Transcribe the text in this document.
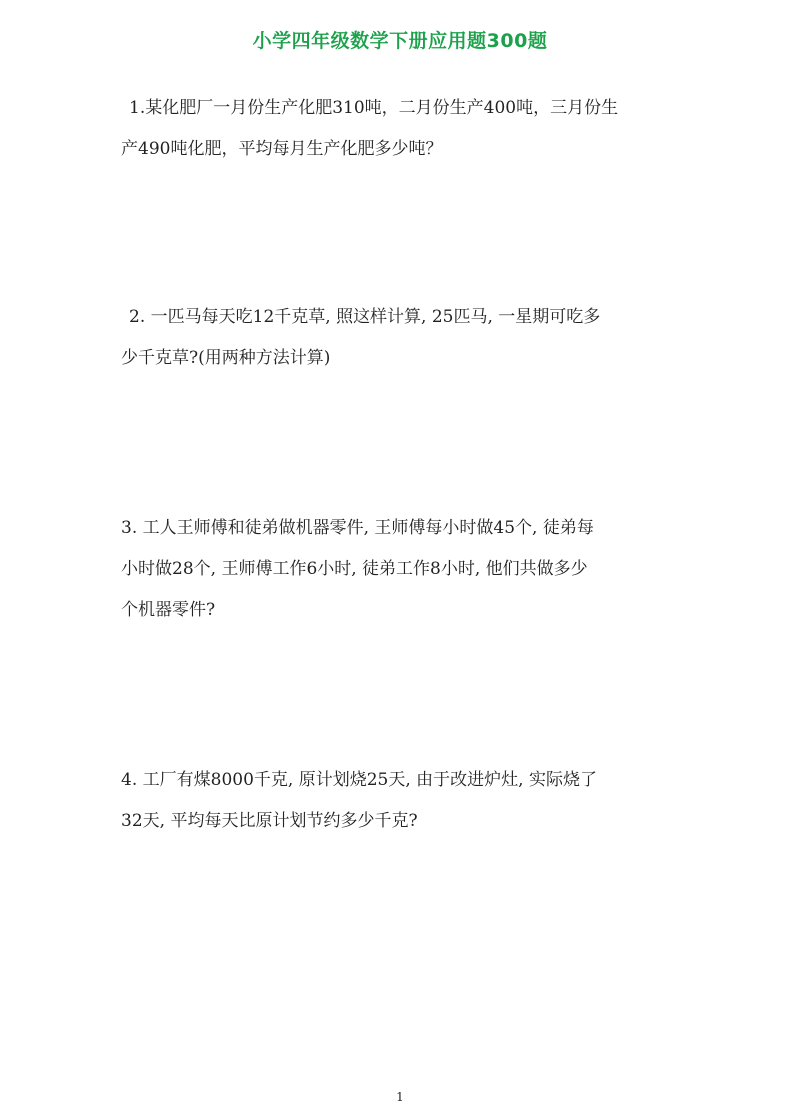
小学四年级数学下册应用题300题
1.某化肥厂一月份生产化肥310吨，二月份生产400吨，三月份生
产490吨化肥，平均每月生产化肥多少吨？
2. 一匹马每天吃12千克草, 照这样计算, 25匹马, 一星期可吃多
少千克草?(用两种方法计算)
3. 工人王师傅和徒弟做机器零件, 王师傅每小时做45个, 徒弟每
小时做28个, 王师傅工作6小时, 徒弟工作8小时, 他们共做多少
个机器零件?
4. 工厂有煤8000千克, 原计划烧25天, 由于改进炉灶, 实际烧了
32天, 平均每天比原计划节约多少千克?
1
